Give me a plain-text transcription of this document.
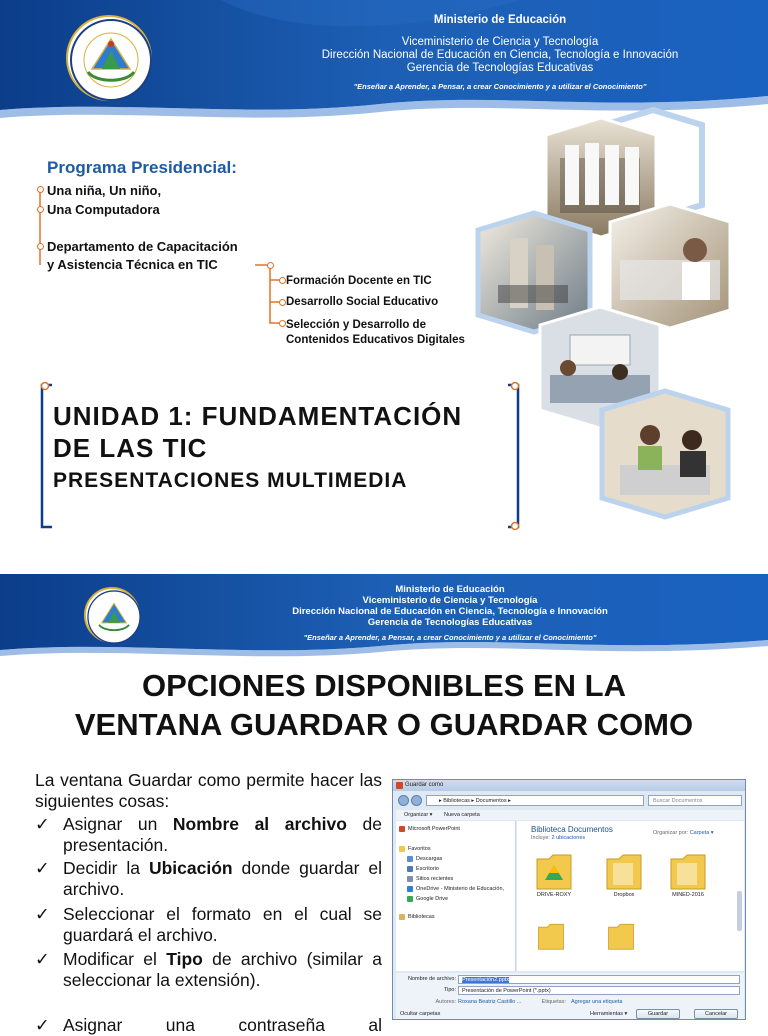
Ministerio de Educación
Viceministerio de Ciencia y Tecnología
Dirección Nacional de Educación en Ciencia, Tecnología e Innovación
Gerencia de Tecnologías Educativas
"Enseñar a Aprender, a Pensar, a crear Conocimiento y a utilizar el Conocimiento"
Programa Presidencial:
Una niña, Un niño,
Una Computadora
Departamento de Capacitación
y Asistencia Técnica en TIC
Formación Docente en TIC
Desarrollo Social Educativo
Selección y Desarrollo de
Contenidos Educativos Digitales
UNIDAD 1: FUNDAMENTACIÓN
DE LAS TIC
PRESENTACIONES MULTIMEDIA
Ministerio de Educación
Viceministerio de Ciencia y Tecnología
Dirección Nacional de Educación en Ciencia, Tecnología e Innovación
Gerencia de Tecnologías Educativas
"Enseñar a Aprender, a Pensar, a crear Conocimiento y a utilizar el Conocimiento"
OPCIONES DISPONIBLES EN LA
VENTANA GUARDAR O GUARDAR COMO
La ventana Guardar como permite hacer las siguientes cosas:
✓ Asignar un Nombre al archivo de presentación.
✓ Decidir la Ubicación donde guardar el archivo.
✓ Seleccionar el formato en el cual se guardará el archivo.
✓ Modificar el Tipo de archivo (similar a seleccionar la extensión).
✓ Asignar una contraseña al
Guardar como
▸ Bibliotecas ▸ Documentos ▸	Buscar Documentos
Organizar ▾ Nueva carpeta
Microsoft PowerPoint
Favoritos
Descargas
Escritorio
Sitios recientes
OneDrive - Ministerio de Educación,
Google Drive
Bibliotecas
Biblioteca Documentos
Incluye: 2 ubicaciones
Organizar por: Carpeta ▾
DRIVE-ROXY	Dropbox	MINED-2016
Nombre de archivo: Presentación2.pptx
Tipo: Presentación de PowerPoint (*.pptx)
Autores: Roxana Beatriz Castillo ...	Etiquetas: Agregar una etiqueta
Ocultar carpetas	Herramientas ▾	Guardar	Cancelar
